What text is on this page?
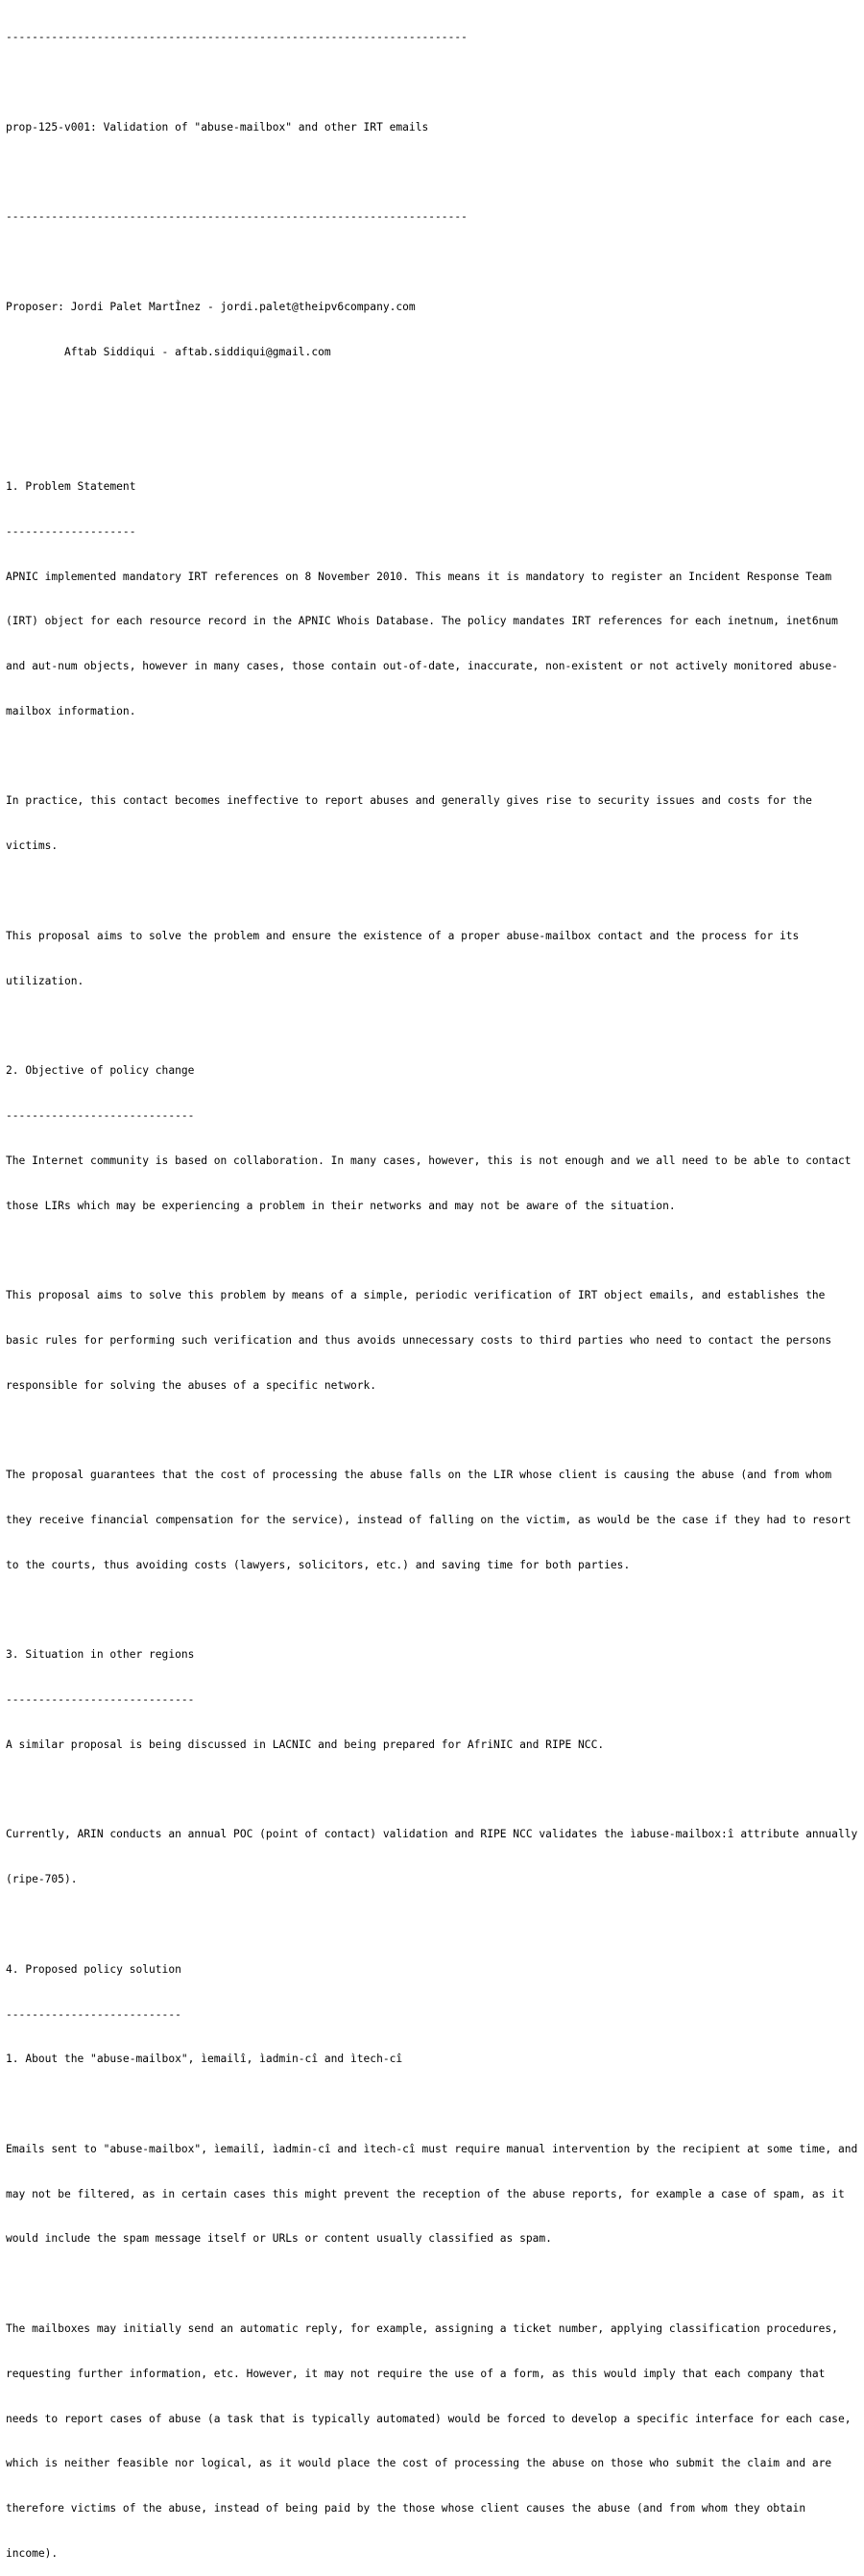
-----------------------------------------------------------------------

prop-125-v001: Validation of "abuse-mailbox" and other IRT emails

-----------------------------------------------------------------------

Proposer: Jordi Palet MartÌnez - jordi.palet@theipv6company.com

Aftab Siddiqui - aftab.siddiqui@gmail.com

1. Problem Statement

--------------------

APNIC implemented mandatory IRT references on 8 November 2010. This means it is mandatory to register an Incident Response Team

(IRT) object for each resource record in the APNIC Whois Database. The policy mandates IRT references for each inetnum, inet6num

and aut-num objects, however in many cases, those contain out-of-date, inaccurate, non-existent or not actively monitored abuse-

mailbox information.

In practice, this contact becomes ineffective to report abuses and generally gives rise to security issues and costs for the

victims.

This proposal aims to solve the problem and ensure the existence of a proper abuse-mailbox contact and the process for its

utilization.

2. Objective of policy change

-----------------------------

The Internet community is based on collaboration. In many cases, however, this is not enough and we all need to be able to contact

those LIRs which may be experiencing a problem in their networks and may not be aware of the situation.

This proposal aims to solve this problem by means of a simple, periodic verification of IRT object emails, and establishes the

basic rules for performing such verification and thus avoids unnecessary costs to third parties who need to contact the persons

responsible for solving the abuses of a specific network.

The proposal guarantees that the cost of processing the abuse falls on the LIR whose client is causing the abuse (and from whom

they receive financial compensation for the service), instead of falling on the victim, as would be the case if they had to resort

to the courts, thus avoiding costs (lawyers, solicitors, etc.) and saving time for both parties.

3. Situation in other regions

-----------------------------

A similar proposal is being discussed in LACNIC and being prepared for AfriNIC and RIPE NCC.

Currently, ARIN conducts an annual POC (point of contact) validation and RIPE NCC validates the ìabuse-mailbox:î attribute annually

(ripe-705).

4. Proposed policy solution

---------------------------

1. About the "abuse-mailbox", ìemailî, ìadmin-cî and ìtech-cî

Emails sent to "abuse-mailbox", ìemailî, ìadmin-cî and ìtech-cî must require manual intervention by the recipient at some time, and

may not be filtered, as in certain cases this might prevent the reception of the abuse reports, for example a case of spam, as it

would include the spam message itself or URLs or content usually classified as spam.

The mailboxes may initially send an automatic reply, for example, assigning a ticket number, applying classification procedures,

requesting further information, etc. However, it may not require the use of a form, as this would imply that each company that

needs to report cases of abuse (a task that is typically automated) would be forced to develop a specific interface for each case,

which is neither feasible nor logical, as it would place the cost of processing the abuse on those who submit the claim and are

therefore victims of the abuse, instead of being paid by the those whose client causes the abuse (and from whom they obtain

income).
